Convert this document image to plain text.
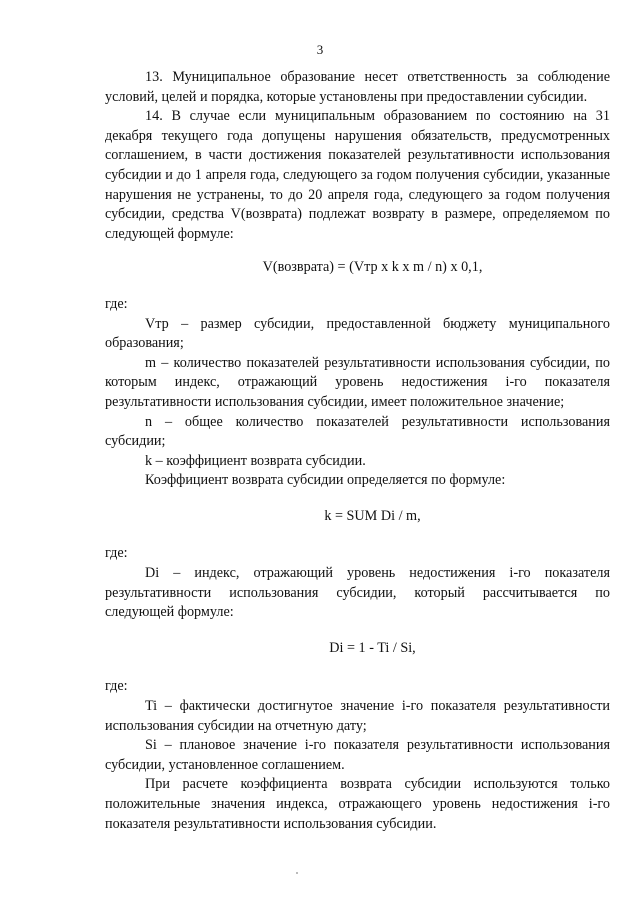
3

13. Муниципальное образование несет ответственность за соблюдение условий, целей и порядка, которые установлены при предоставлении субсидии.

14. В случае если муниципальным образованием по состоянию на 31 декабря текущего года допущены нарушения обязательств, предусмотренных соглашением, в части достижения показателей результативности использования субсидии и до 1 апреля года, следующего за годом получения субсидии, указанные нарушения не устранены, то до 20 апреля года, следующего за годом получения субсидии, средства V(возврата) подлежат возврату в размере, определяемом по следующей формуле:

V(возврата) = (Vтр x k x m / n) x 0,1,

где:

Vтр – размер субсидии, предоставленной бюджету муниципального образования;

m – количество показателей результативности использования субсидии, по которым индекс, отражающий уровень недостижения i-го показателя результативности использования субсидии, имеет положительное значение;

n – общее количество показателей результативности использования субсидии;

k – коэффициент возврата субсидии.

Коэффициент возврата субсидии определяется по формуле:

k = SUM Di / m,

где:

Di – индекс, отражающий уровень недостижения i-го показателя результативности использования субсидии, который рассчитывается по следующей формуле:

Di = 1 - Ti / Si,

где:

Ti – фактически достигнутое значение i-го показателя результативности использования субсидии на отчетную дату;

Si – плановое значение i-го показателя результативности использования субсидии, установленное соглашением.

При расчете коэффициента возврата субсидии используются только положительные значения индекса, отражающего уровень недостижения i-го показателя результативности использования субсидии.
